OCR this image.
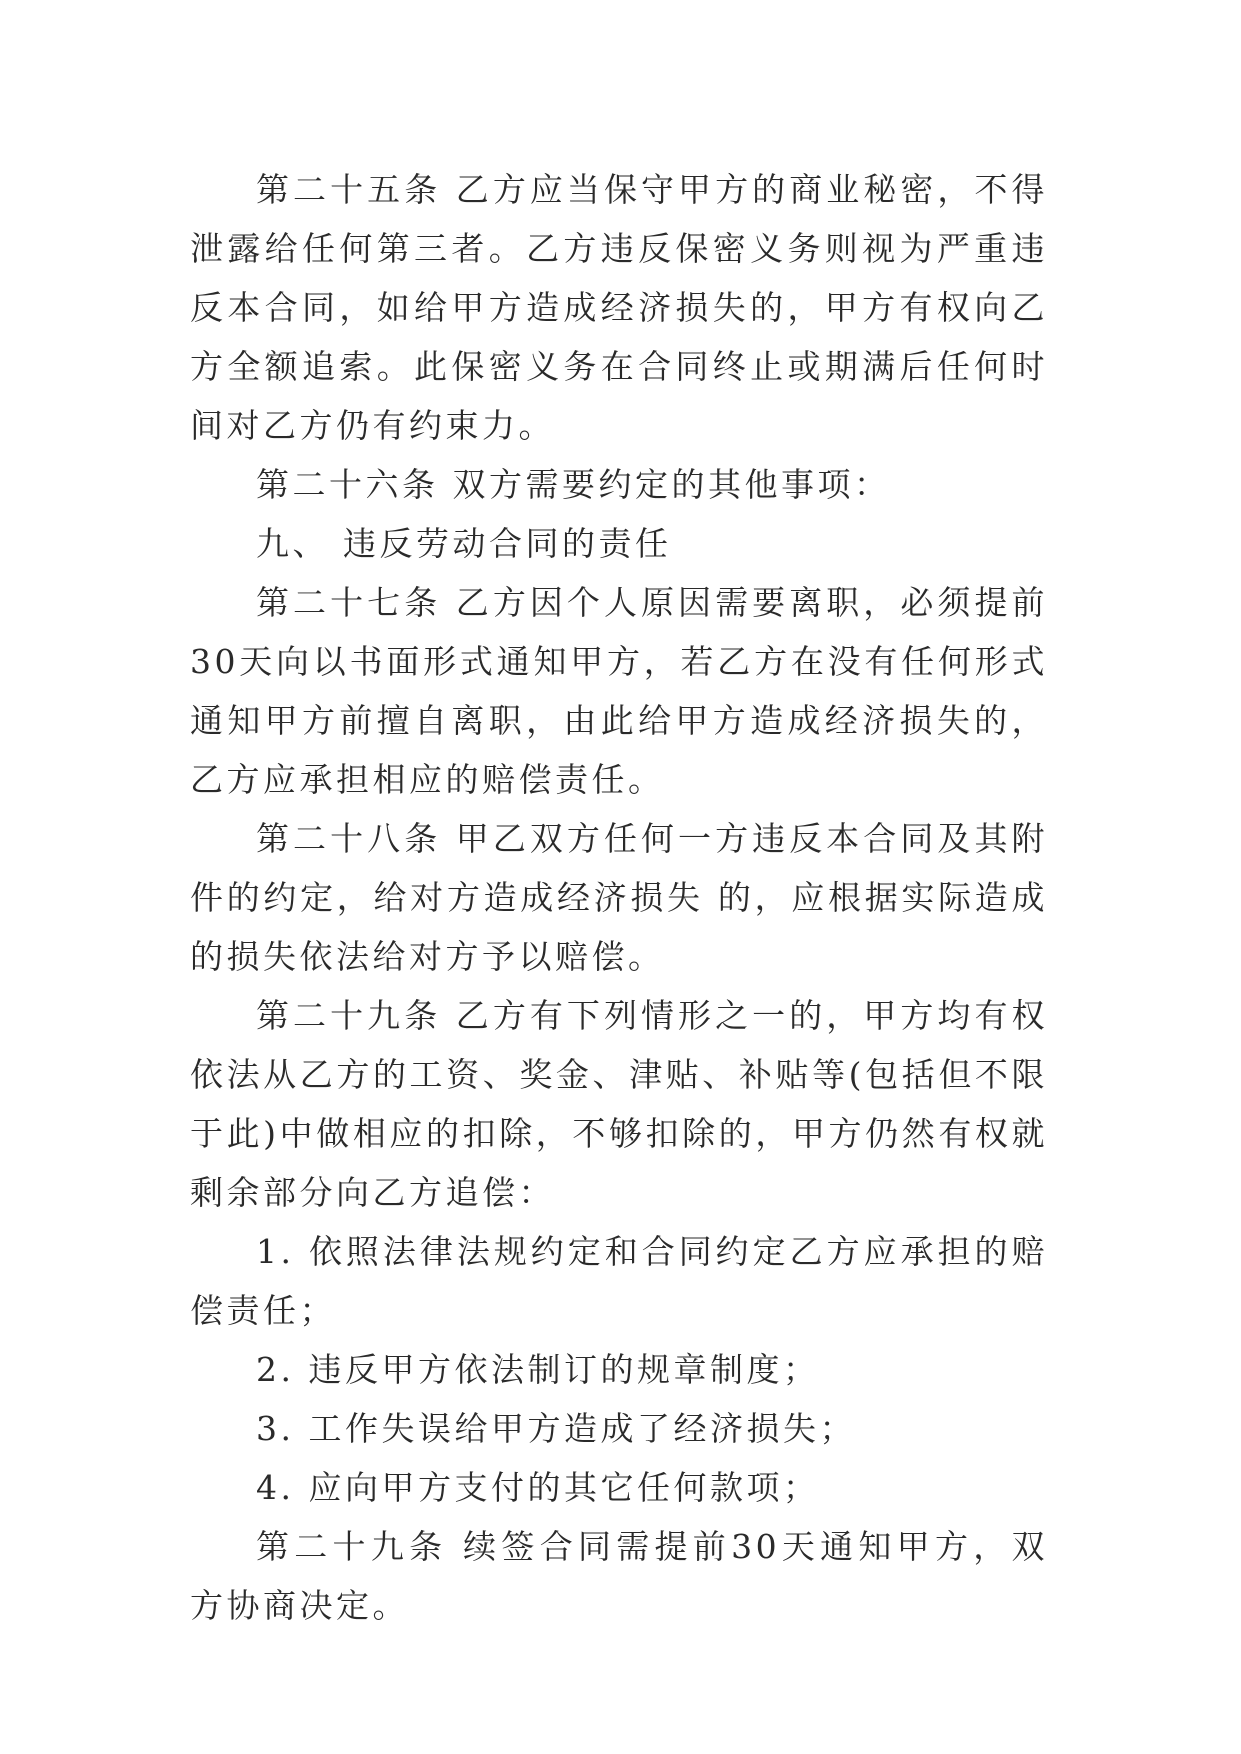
第二十五条 乙方应当保守甲方的商业秘密，不得泄露给任何第三者。乙方违反保密义务则视为严重违反本合同，如给甲方造成经济损失的，甲方有权向乙方全额追索。此保密义务在合同终止或期满后任何时间对乙方仍有约束力。

第二十六条 双方需要约定的其他事项：

九、 违反劳动合同的责任

第二十七条 乙方因个人原因需要离职，必须提前30天向以书面形式通知甲方，若乙方在没有任何形式通知甲方前擅自离职，由此给甲方造成经济损失的，乙方应承担相应的赔偿责任。

第二十八条 甲乙双方任何一方违反本合同及其附件的约定，给对方造成经济损失 的，应根据实际造成的损失依法给对方予以赔偿。

第二十九条 乙方有下列情形之一的，甲方均有权依法从乙方的工资、奖金、津贴、补贴等(包括但不限于此)中做相应的扣除，不够扣除的，甲方仍然有权就剩余部分向乙方追偿：

1. 依照法律法规约定和合同约定乙方应承担的赔偿责任；

2. 违反甲方依法制订的规章制度；

3. 工作失误给甲方造成了经济损失；

4. 应向甲方支付的其它任何款项；

第二十九条 续签合同需提前30天通知甲方，双方协商决定。
